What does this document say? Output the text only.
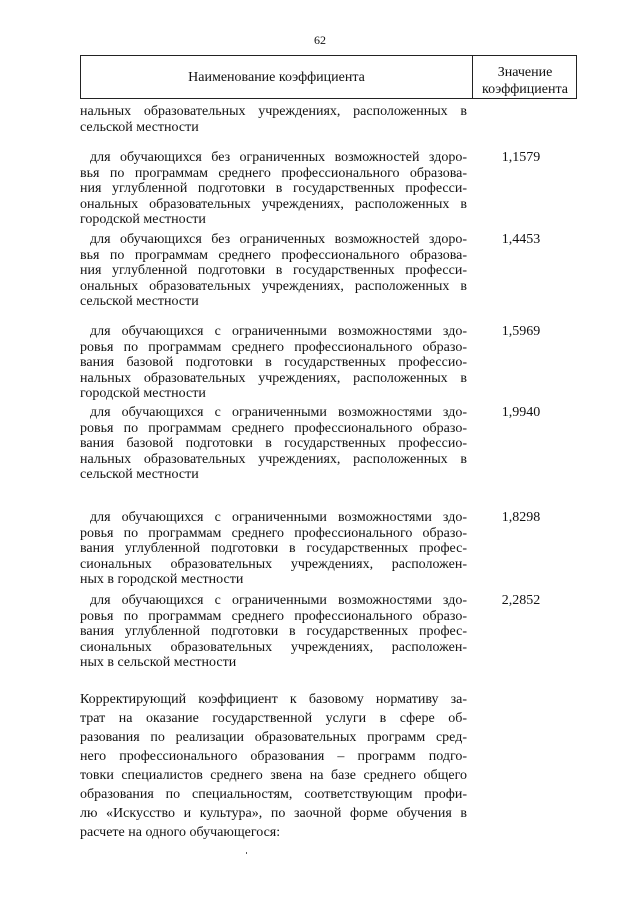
62
Наименование коэффициента	Значение
коэффициента
нальных образовательных учреждениях, расположенных в
сельской местности
для обучающихся без ограниченных возможностей здоро-
вья по программам среднего профессионального образова-
ния углубленной подготовки в государственных професси-
ональных образовательных учреждениях, расположенных в
городской местности
1,1579
для обучающихся без ограниченных возможностей здоро-
вья по программам среднего профессионального образова-
ния углубленной подготовки в государственных професси-
ональных образовательных учреждениях, расположенных в
сельской местности
1,4453
для обучающихся с ограниченными возможностями здо-
ровья по программам среднего профессионального образо-
вания базовой подготовки в государственных профессио-
нальных образовательных учреждениях, расположенных в
городской местности
1,5969
для обучающихся с ограниченными возможностями здо-
ровья по программам среднего профессионального образо-
вания базовой подготовки в государственных профессио-
нальных образовательных учреждениях, расположенных в
сельской местности
1,9940
для обучающихся с ограниченными возможностями здо-
ровья по программам среднего профессионального образо-
вания углубленной подготовки в государственных профес-
сиональных образовательных учреждениях, расположен-
ных в городской местности
1,8298
для обучающихся с ограниченными возможностями здо-
ровья по программам среднего профессионального образо-
вания углубленной подготовки в государственных профес-
сиональных образовательных учреждениях, расположен-
ных в сельской местности
2,2852
Корректирующий коэффициент к базовому нормативу за-
трат на оказание государственной услуги в сфере об-
разования по реализации образовательных программ сред-
него профессионального образования – программ подго-
товки специалистов среднего звена на базе среднего общего
образования по специальностям, соответствующим профи-
лю «Искусство и культура», по заочной форме обучения в
расчете на одного обучающегося:
